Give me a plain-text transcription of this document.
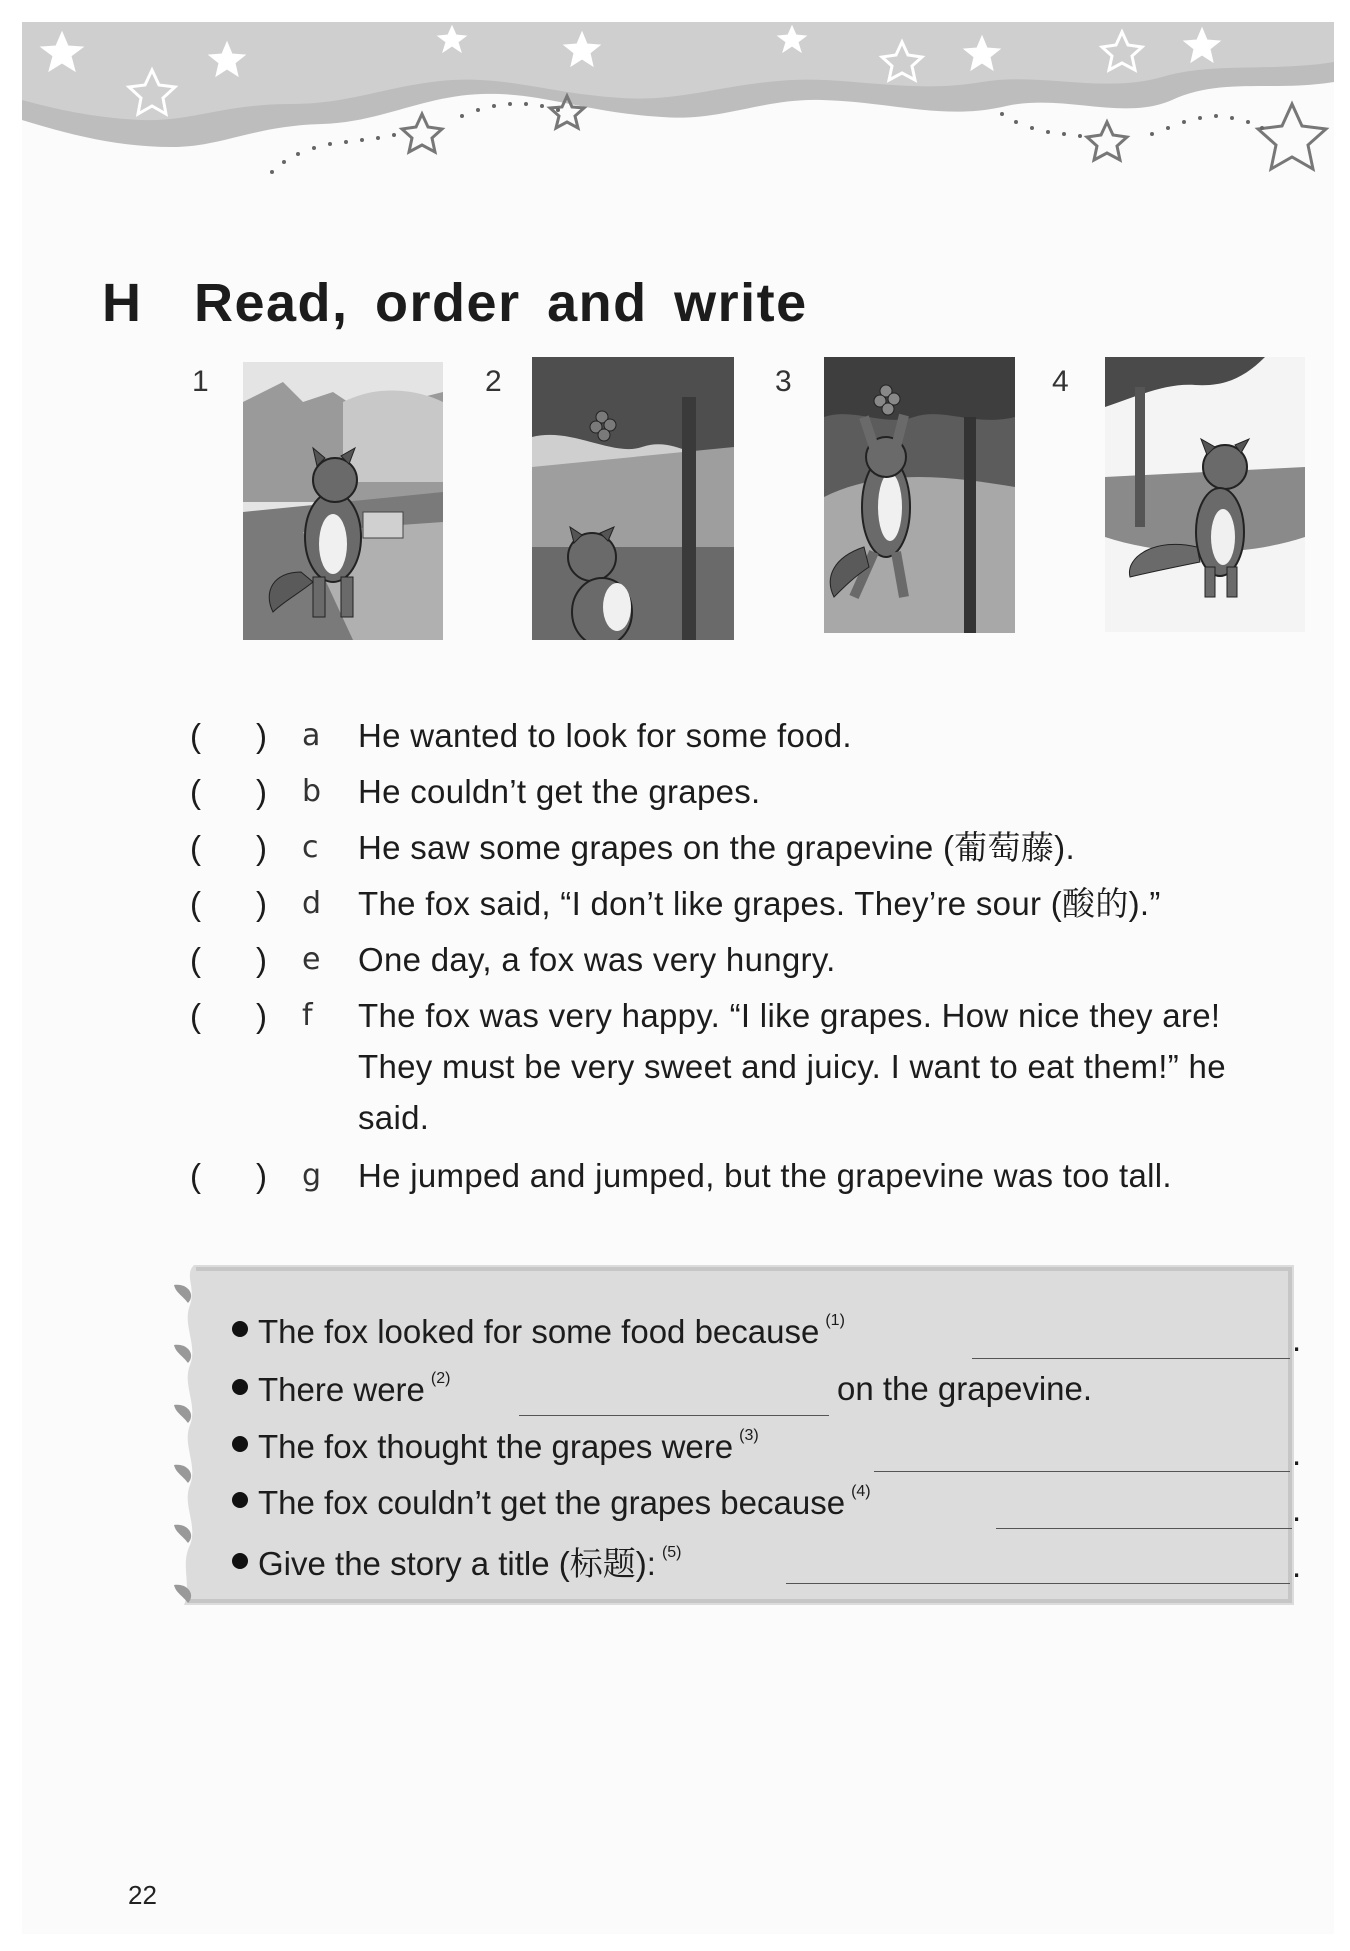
H Read, order and write
1	2	3	4
(      ) a He wanted to look for some food.
(      ) b He couldn’t get the grapes.
(      ) c He saw some grapes on the grapevine (葡萄藤).
(      ) d The fox said, “I don’t like grapes. They’re sour (酸的).”
(      ) e One day, a fox was very hungry.
(      ) f The fox was very happy. “I like grapes. How nice they are! They must be very sweet and juicy. I want to eat them!” he said.
(      ) g He jumped and jumped, but the grapevine was too tall.
The fox looked for some food because $^{(1)}$
.
There were $^{(2)}$	on the grapevine.
The fox thought the grapes were $^{(3)}$	.
The fox couldn’t get the grapes because $^{(4)}$	.
Give the story a title (标题): $^{(5)}$	.
22
